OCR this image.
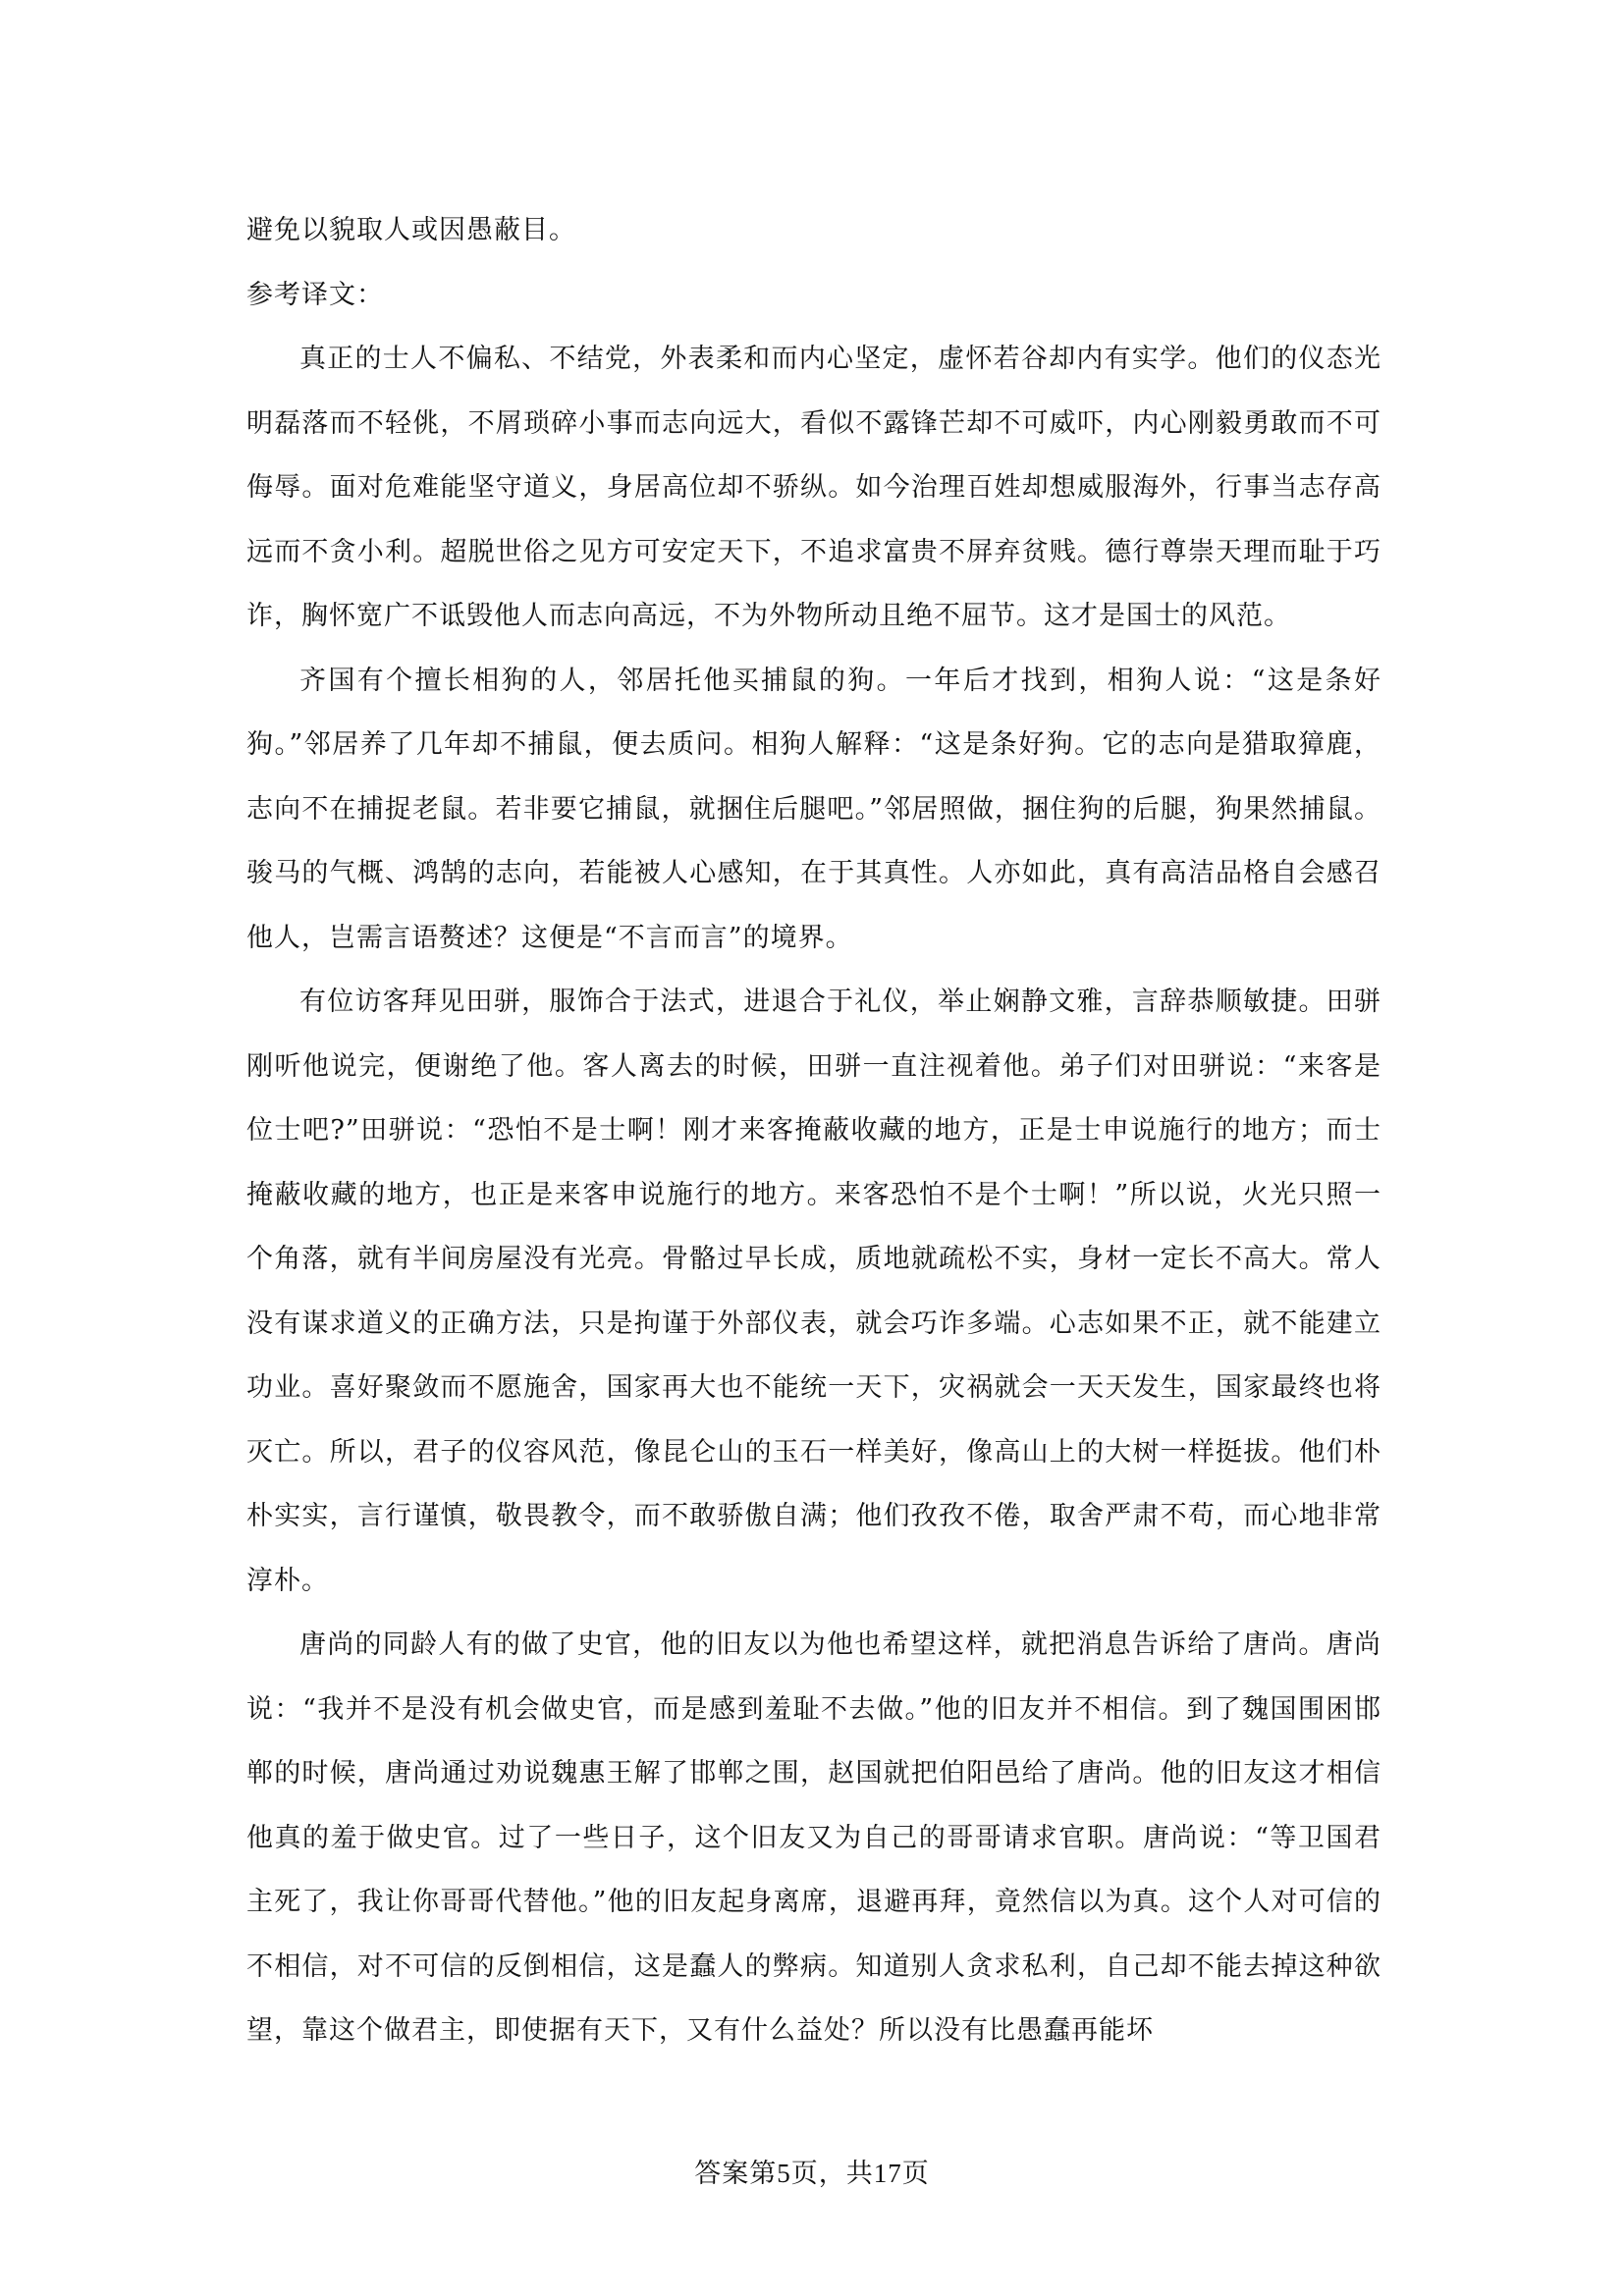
避免以貌取人或因愚蔽目。

参考译文：

真正的士人不偏私、不结党，外表柔和而内心坚定，虚怀若谷却内有实学。他们的仪态光明磊落而不轻佻，不屑琐碎小事而志向远大，看似不露锋芒却不可威吓，内心刚毅勇敢而不可侮辱。面对危难能坚守道义，身居高位却不骄纵。如今治理百姓却想威服海外，行事当志存高远而不贪小利。超脱世俗之见方可安定天下，不追求富贵不屏弃贫贱。德行尊崇天理而耻于巧诈，胸怀宽广不诋毁他人而志向高远，不为外物所动且绝不屈节。这才是国士的风范。

齐国有个擅长相狗的人，邻居托他买捕鼠的狗。一年后才找到，相狗人说：“这是条好狗。”邻居养了几年却不捕鼠，便去质问。相狗人解释：“这是条好狗。它的志向是猎取獐鹿，志向不在捕捉老鼠。若非要它捕鼠，就捆住后腿吧。”邻居照做，捆住狗的后腿，狗果然捕鼠。骏马的气概、鸿鹄的志向，若能被人心感知，在于其真性。人亦如此，真有高洁品格自会感召他人，岂需言语赘述？这便是“不言而言”的境界。

有位访客拜见田骈，服饰合于法式，进退合于礼仪，举止娴静文雅，言辞恭顺敏捷。田骈刚听他说完，便谢绝了他。客人离去的时候，田骈一直注视着他。弟子们对田骈说：“来客是位士吧?”田骈说：“恐怕不是士啊！刚才来客掩蔽收藏的地方，正是士申说施行的地方；而士掩蔽收藏的地方，也正是来客申说施行的地方。来客恐怕不是个士啊！”所以说，火光只照一个角落，就有半间房屋没有光亮。骨骼过早长成，质地就疏松不实，身材一定长不高大。常人没有谋求道义的正确方法，只是拘谨于外部仪表，就会巧诈多端。心志如果不正，就不能建立功业。喜好聚敛而不愿施舍，国家再大也不能统一天下，灾祸就会一天天发生，国家最终也将灭亡。所以，君子的仪容风范，像昆仑山的玉石一样美好，像高山上的大树一样挺拔。他们朴朴实实，言行谨慎，敬畏教令，而不敢骄傲自满；他们孜孜不倦，取舍严肃不苟，而心地非常淳朴。

唐尚的同龄人有的做了史官，他的旧友以为他也希望这样，就把消息告诉给了唐尚。唐尚说：“我并不是没有机会做史官，而是感到羞耻不去做。”他的旧友并不相信。到了魏国围困邯郸的时候，唐尚通过劝说魏惠王解了邯郸之围，赵国就把伯阳邑给了唐尚。他的旧友这才相信他真的羞于做史官。过了一些日子，这个旧友又为自己的哥哥请求官职。唐尚说：“等卫国君主死了，我让你哥哥代替他。”他的旧友起身离席，退避再拜，竟然信以为真。这个人对可信的不相信，对不可信的反倒相信，这是蠢人的弊病。知道别人贪求私利，自己却不能去掉这种欲望，靠这个做君主，即使据有天下，又有什么益处？所以没有比愚蠢再能坏

答案第5页，共17页
